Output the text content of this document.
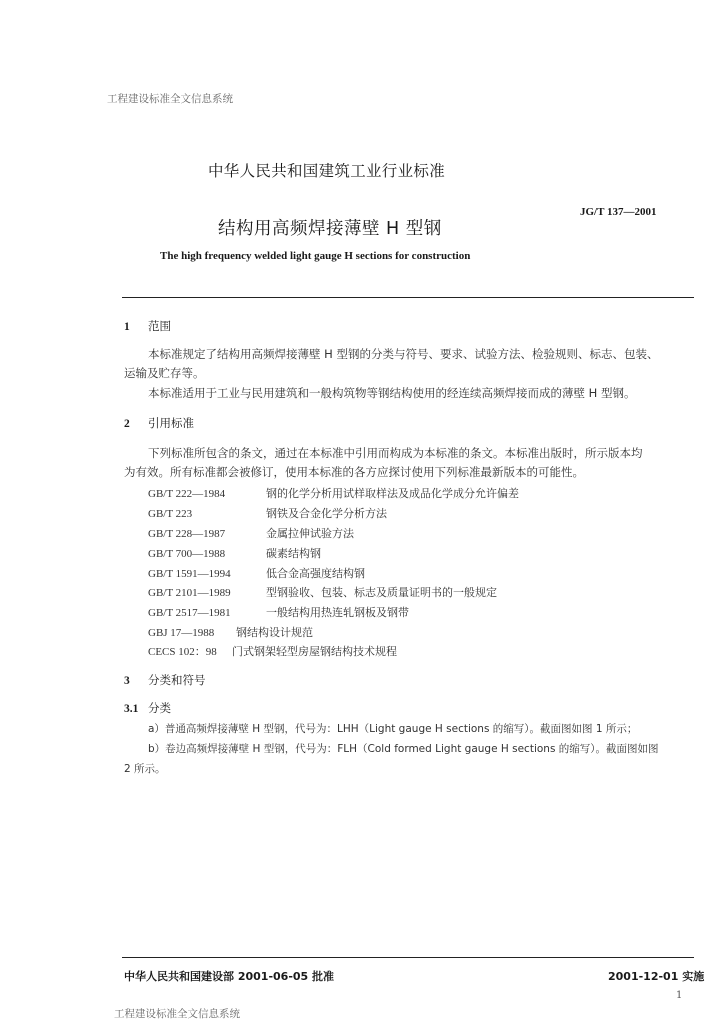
工程建设标准全文信息系统
中华人民共和国建筑工业行业标准
JG/T 137—2001
结构用高频焊接薄壁 H 型钢
The high frequency welded light gauge H sections for construction
1 范围
本标准规定了结构用高频焊接薄壁 H 型钢的分类与符号、要求、试验方法、检验规则、标志、包装、
运输及贮存等。
本标准适用于工业与民用建筑和一般构筑物等钢结构使用的经连续高频焊接而成的薄壁 H 型钢。
2 引用标准
下列标准所包含的条文，通过在本标准中引用而构成为本标准的条文。本标准出版时，所示版本均
为有效。所有标准都会被修订，使用本标准的各方应探讨使用下列标准最新版本的可能性。
GB/T 222—1984	钢的化学分析用试样取样法及成品化学成分允许偏差
GB/T 223	钢铁及合金化学分析方法
GB/T 228—1987	金属拉伸试验方法
GB/T 700—1988	碳素结构钢
GB/T 1591—1994	低合金高强度结构钢
GB/T 2101—1989	型钢验收、包装、标志及质量证明书的一般规定
GB/T 2517—1981	一般结构用热连轧钢板及钢带
GBJ 17—1988 钢结构设计规范
CECS 102：98 门式钢架轻型房屋钢结构技术规程
3 分类和符号
3.1 分类
a）普通高频焊接薄壁 H 型钢，代号为：LHH（Light gauge H sections 的缩写）。截面图如图 1 所示；
b）卷边高频焊接薄壁 H 型钢，代号为：FLH（Cold formed Light gauge H sections 的缩写）。截面图如图
2 所示。
中华人民共和国建设部 2001-06-05 批准	2001-12-01 实施
1
工程建设标准全文信息系统
